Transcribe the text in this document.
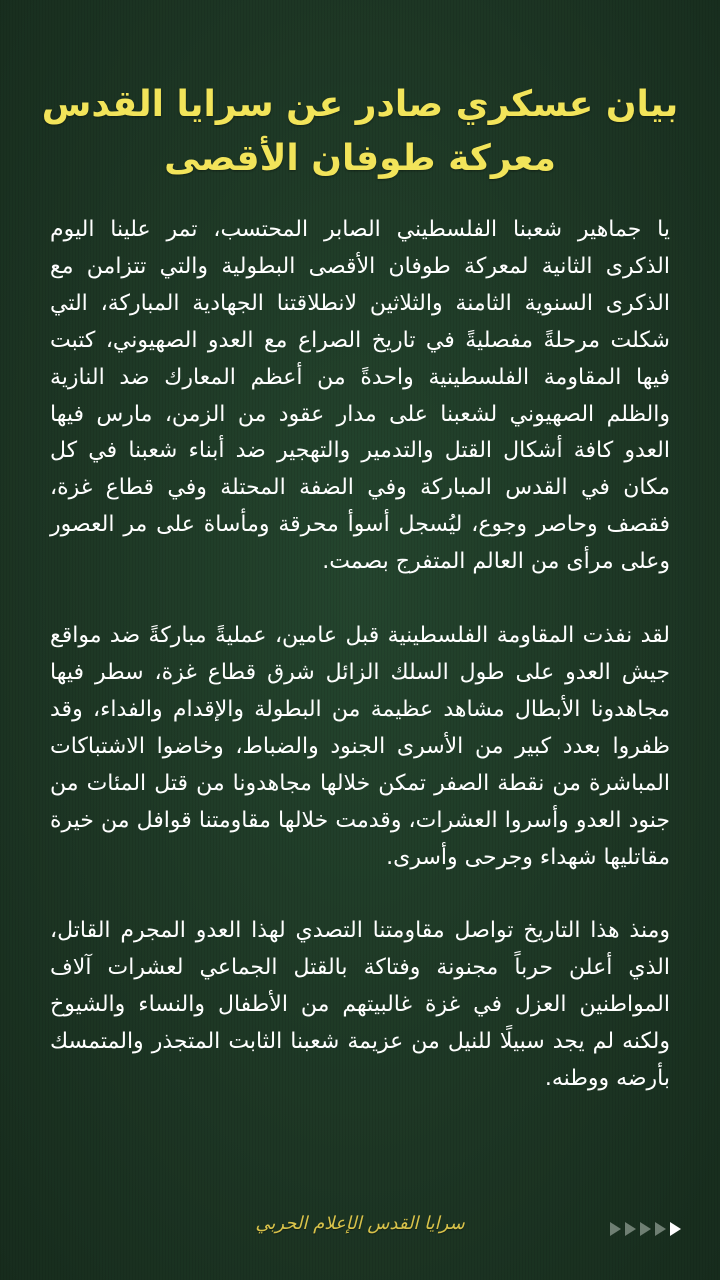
بيان عسكري صادر عن سرايا القدس
معركة طوفان الأقصى

يا جماهير شعبنا الفلسطيني الصابر المحتسب، تمر علينا اليوم الذكرى الثانية لمعركة طوفان الأقصى البطولية والتي تتزامن مع الذكرى السنوية الثامنة والثلاثين لانطلاقتنا الجهادية المباركة، التي شكلت مرحلةً مفصليةً في تاريخ الصراع مع العدو الصهيوني، كتبت فيها المقاومة الفلسطينية واحدةً من أعظم المعارك ضد النازية والظلم الصهيوني لشعبنا على مدار عقود من الزمن، مارس فيها العدو كافة أشكال القتل والتدمير والتهجير ضد أبناء شعبنا في كل مكان في القدس المباركة وفي الضفة المحتلة وفي قطاع غزة، فقصف وحاصر وجوع، ليُسجل أسوأ محرقة ومأساة على مر العصور وعلى مرأى من العالم المتفرج بصمت.

لقد نفذت المقاومة الفلسطينية قبل عامين، عمليةً مباركةً ضد مواقع جيش العدو على طول السلك الزائل شرق قطاع غزة، سطر فيها مجاهدونا الأبطال مشاهد عظيمة من البطولة والإقدام والفداء، وقد ظفروا بعدد كبير من الأسرى الجنود والضباط، وخاضوا الاشتباكات المباشرة من نقطة الصفر تمكن خلالها مجاهدونا من قتل المئات من جنود العدو وأسروا العشرات، وقدمت خلالها مقاومتنا قوافل من خيرة مقاتليها شهداء وجرحى وأسرى.

ومنذ هذا التاريخ تواصل مقاومتنا التصدي لهذا العدو المجرم القاتل، الذي أعلن حرباً مجنونة وفتاكة بالقتل الجماعي لعشرات آلاف المواطنين العزل في غزة غالبيتهم من الأطفال والنساء والشيوخ ولكنه لم يجد سبيلًا للنيل من عزيمة شعبنا الثابت المتجذر والمتمسك بأرضه ووطنه.

سرايا القدس الإعلام الحربي
